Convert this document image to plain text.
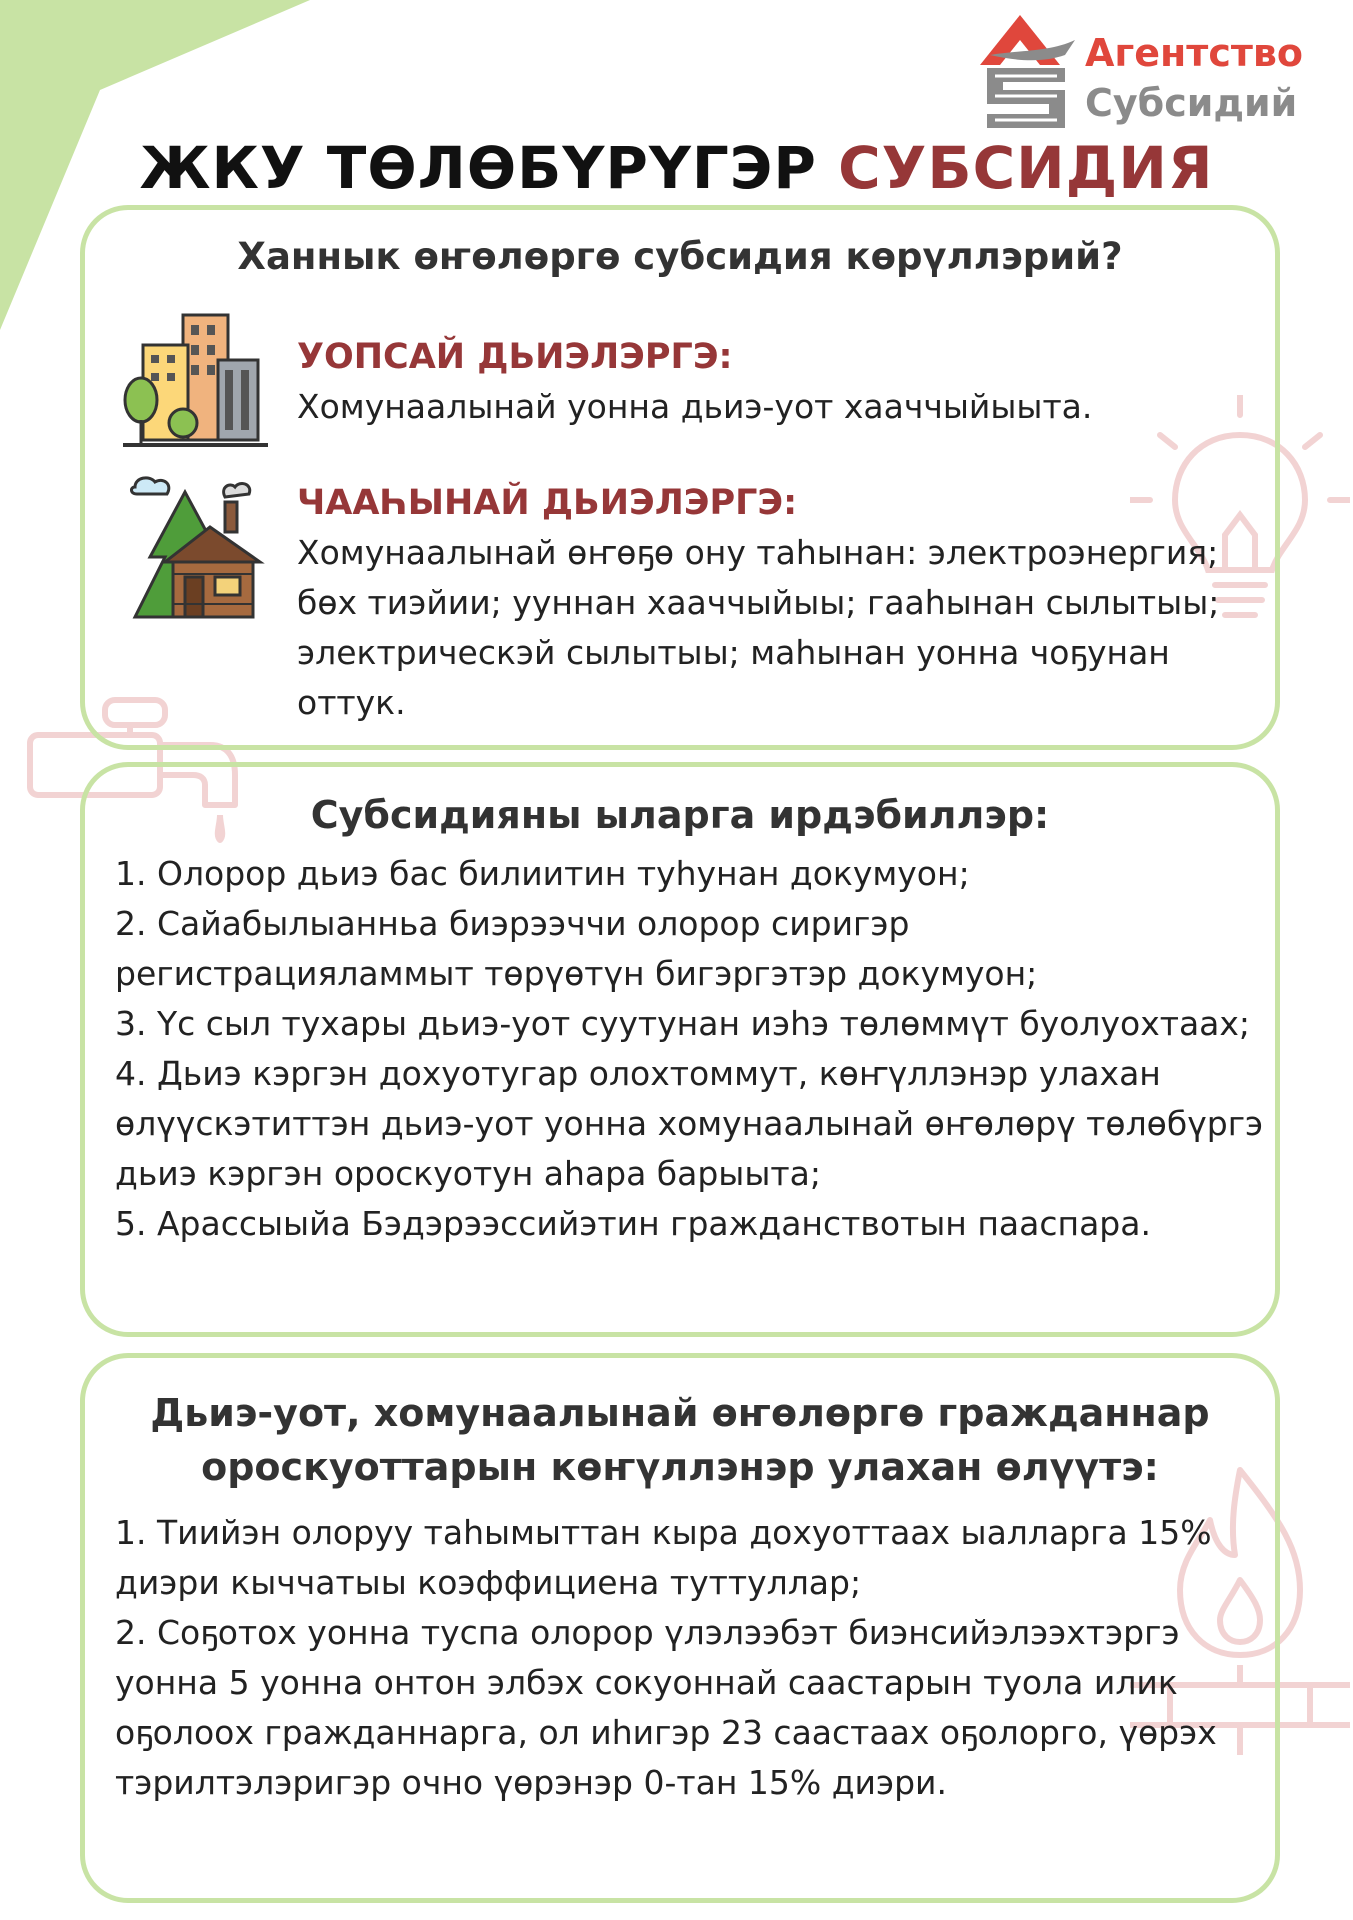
Агентство
Субсидий
ЖКУ ТӨЛӨБҮРҮГЭР СУБСИДИЯ
Ханнык өҥөлөргө субсидия көрүллэрий?
УОПСАЙ ДЬИЭЛЭРГЭ:
Хомунаалынай уонна дьиэ-уот хааччыйыыта.
ЧААҺЫНАЙ ДЬИЭЛЭРГЭ:
Хомунаалынай өҥөҕө ону таһынан: электроэнергия; бөх тиэйии; ууннан хааччыйыы; гааһынан сылытыы; электрическэй сылытыы; маһынан уонна чоҕунан оттук.
Субсидияны ыларга ирдэбиллэр:
1. Олорор дьиэ бас билиитин туһунан докумуон;
2. Сайабылыанньа биэрээччи олорор сиригэр регистрацияламмыт төрүөтүн бигэргэтэр докумуон;
3. Үс сыл тухары дьиэ-уот суутунан иэһэ төлөммүт буолуохтаах;
4. Дьиэ кэргэн дохуотугар олохтоммут, көҥүллэнэр улахан өлүүскэтиттэн дьиэ-уот уонна хомунаалынай өҥөлөрү төлөбүргэ дьиэ кэргэн ороскуотун аһара барыыта;
5. Арассыыйа Бэдэрээссийэтин гражданствотын пааспара.
Дьиэ-уот, хомунаалынай өҥөлөргө гражданнар ороскуоттарын көҥүллэнэр улахан өлүүтэ:
1. Тиийэн олоруу таһымыттан кыра дохуоттаах ыалларга 15% диэри кыччатыы коэффициена туттуллар;
2. Соҕотох уонна туспа олорор үлэлээбэт биэнсийэлээхтэргэ уонна 5 уонна онтон элбэх сокуоннай саастарын туола илик оҕолоох гражданнарга, ол иһигэр 23 саастаах оҕолорго, үөрэх тэрилтэлэригэр очно үөрэнэр 0-тан 15% диэри.
